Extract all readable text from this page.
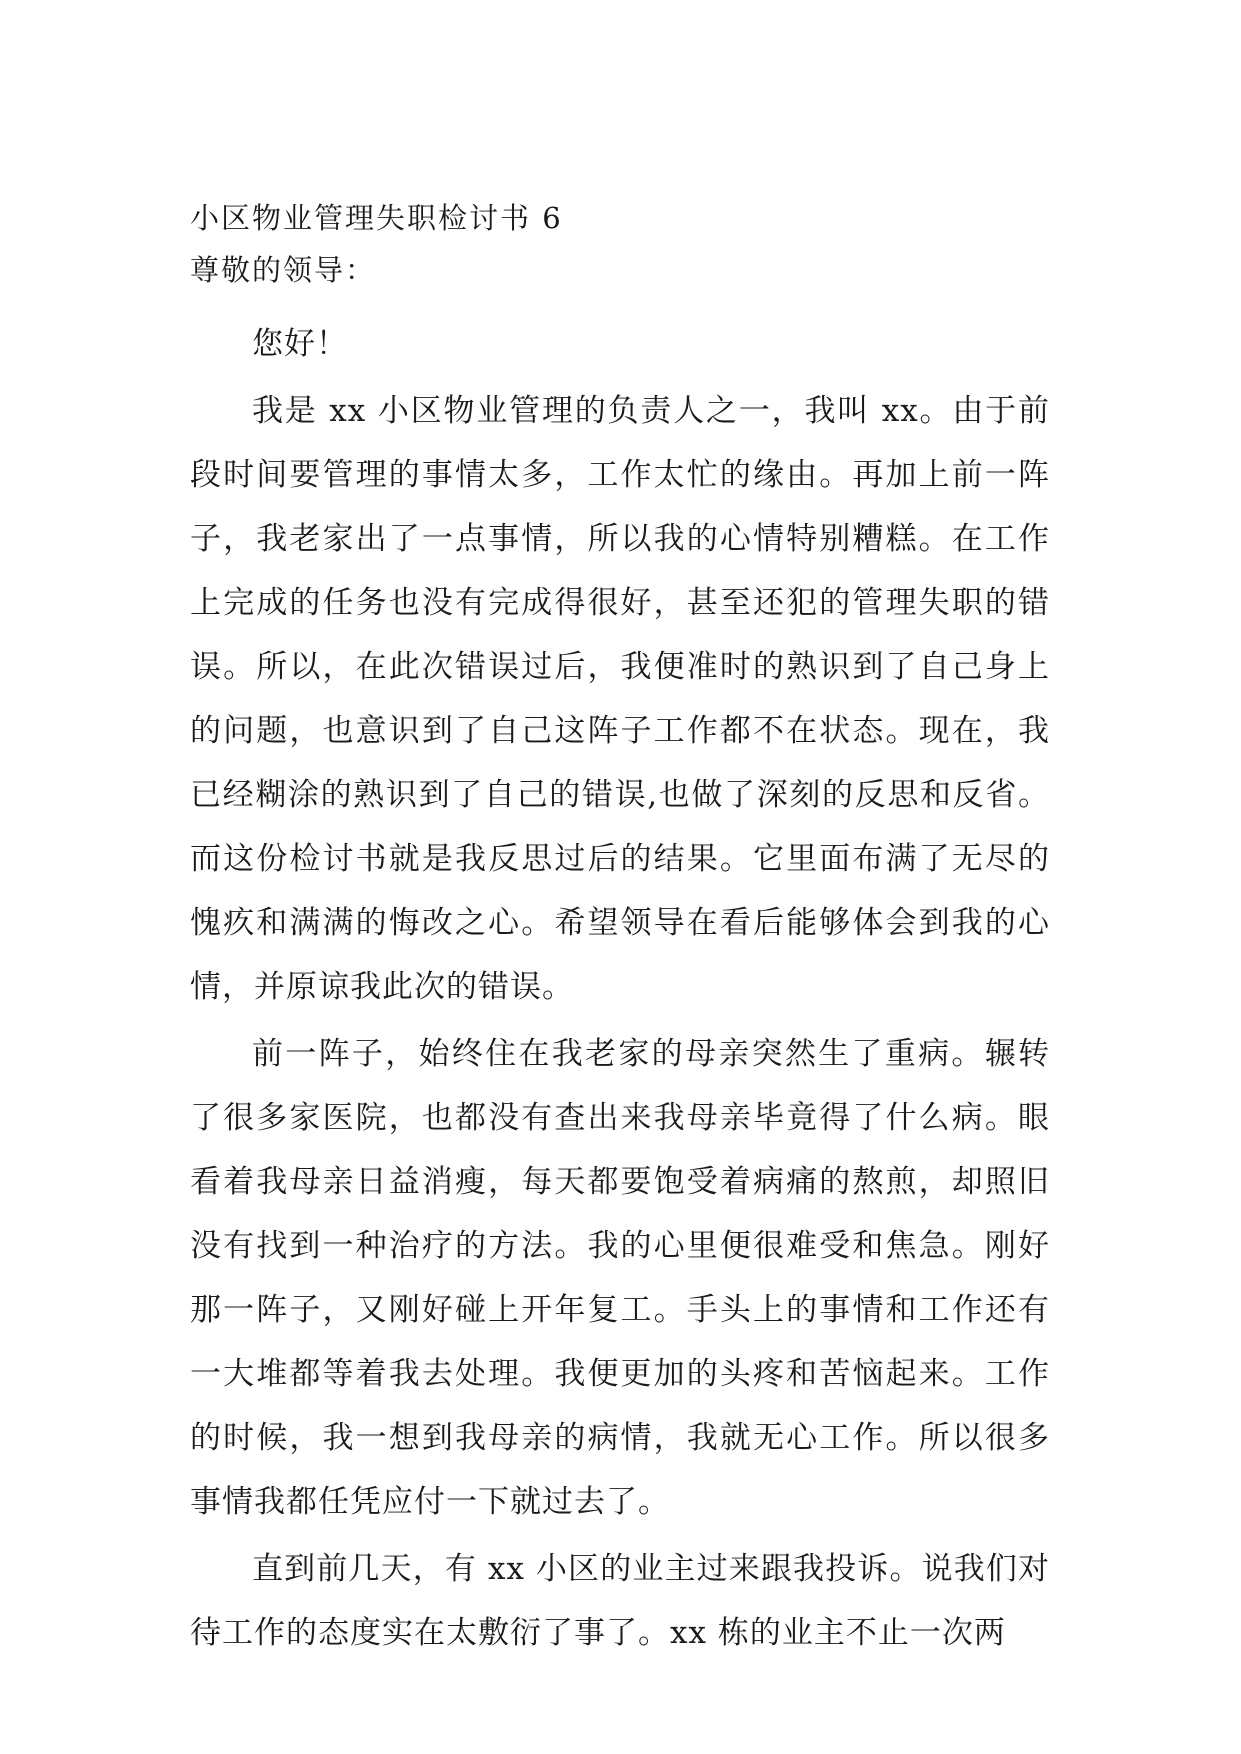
小区物业管理失职检讨书 6
尊敬的领导：

您好！

我是 xx 小区物业管理的负责人之一，我叫 xx。由于前段时间要管理的事情太多，工作太忙的缘由。再加上前一阵子，我老家出了一点事情，所以我的心情特别糟糕。在工作上完成的任务也没有完成得很好，甚至还犯的管理失职的错误。所以，在此次错误过后，我便准时的熟识到了自己身上的问题，也意识到了自己这阵子工作都不在状态。现在，我已经糊涂的熟识到了自己的错误,也做了深刻的反思和反省。而这份检讨书就是我反思过后的结果。它里面布满了无尽的愧疚和满满的悔改之心。希望领导在看后能够体会到我的心情，并原谅我此次的错误。

前一阵子，始终住在我老家的母亲突然生了重病。辗转了很多家医院，也都没有查出来我母亲毕竟得了什么病。眼看着我母亲日益消瘦，每天都要饱受着病痛的熬煎，却照旧没有找到一种治疗的方法。我的心里便很难受和焦急。刚好那一阵子，又刚好碰上开年复工。手头上的事情和工作还有一大堆都等着我去处理。我便更加的头疼和苦恼起来。工作的时候，我一想到我母亲的病情，我就无心工作。所以很多事情我都任凭应付一下就过去了。

直到前几天，有 xx 小区的业主过来跟我投诉。说我们对待工作的态度实在太敷衍了事了。xx 栋的业主不止一次两
